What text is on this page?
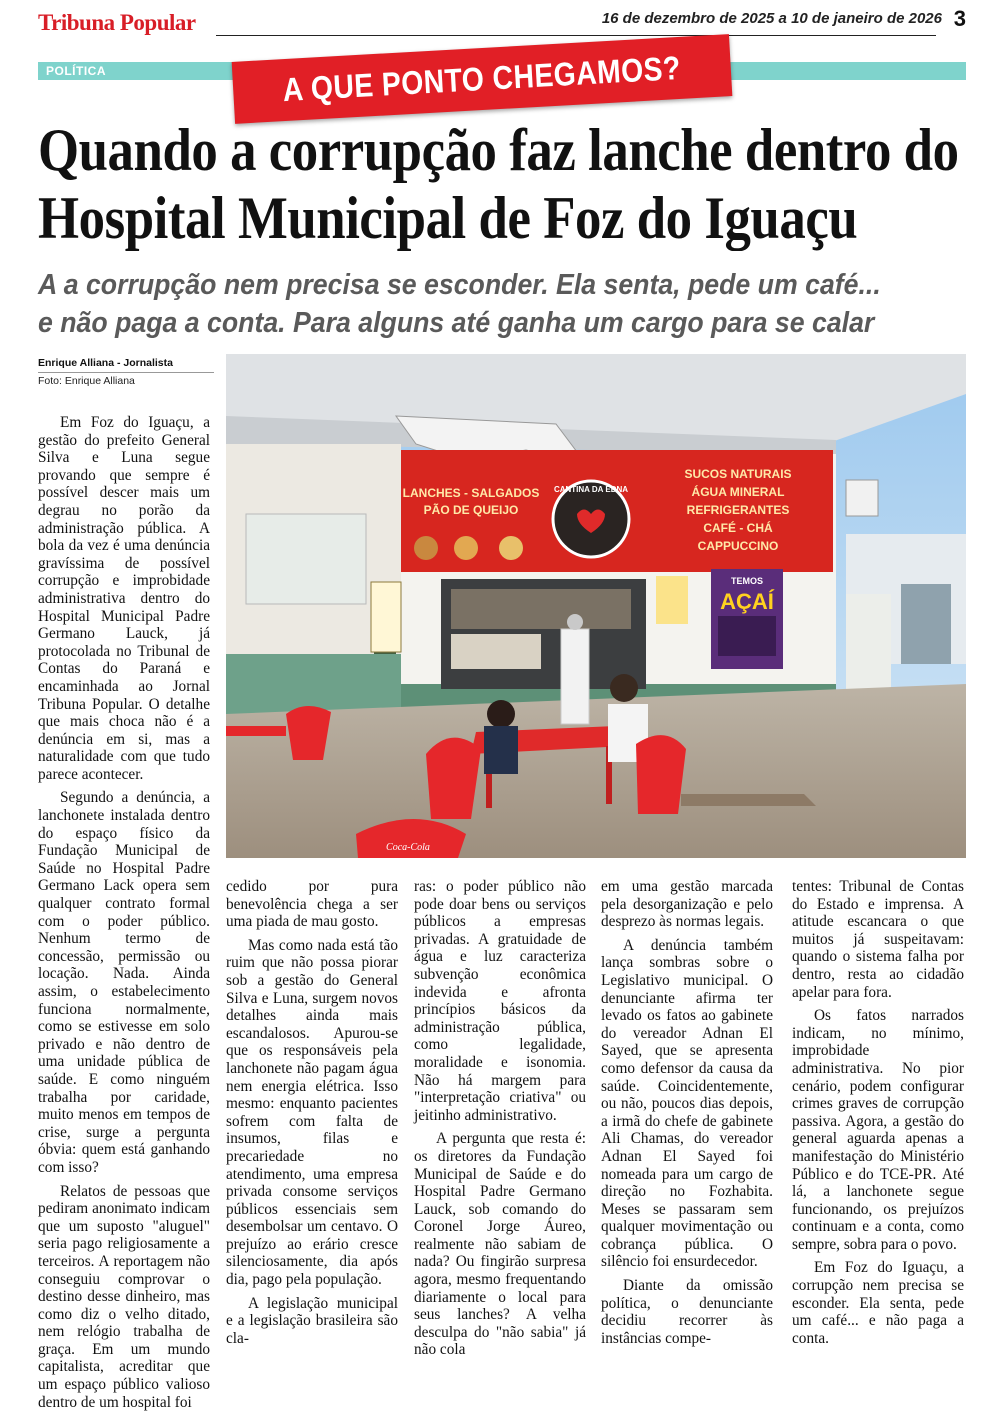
Tribuna Popular	16 de dezembro de 2025 a 10 de janeiro de 2026 3
POLÍTICA	A QUE PONTO CHEGAMOS?
Quando a corrupção faz lanche dentro do
Hospital Municipal de Foz do Iguaçu
A a corrupção nem precisa se esconder. Ela senta, pede um café...
e não paga a conta. Para alguns até ganha um cargo para se calar
Enrique Alliana - Jornalista
Foto: Enrique Alliana
LANCHES - SALGADOS
PÃO DE QUEIJO
CANTINA DA EDNA
SUCOS NATURAIS
ÁGUA MINERAL
REFRIGERANTES
CAFÉ - CHÁ
CAPPUCCINO
TEMOS
AÇAÍ
Coca-Cola

Em Foz do Iguaçu, a gestão do prefeito General Silva e Luna segue provando que sempre é possível descer mais um degrau no porão da administração pública. A bola da vez é uma denúncia gravíssima de possível corrupção e improbidade administrativa dentro do Hospital Municipal Padre Germano Lauck, já protocolada no Tribunal de Contas do Paraná e encaminhada ao Jornal Tribuna Popular. O detalhe que mais choca não é a denúncia em si, mas a naturalidade com que tudo parece acontecer.

Segundo a denúncia, a lanchonete instalada dentro do espaço físico da Fundação Municipal de Saúde no Hospital Padre Germano Lack opera sem qualquer contrato formal com o poder público. Nenhum termo de concessão, permissão ou locação. Nada. Ainda assim, o estabelecimento funciona normalmente, como se estivesse em solo privado e não dentro de uma unidade pública de saúde. E como ninguém trabalha por caridade, muito menos em tempos de crise, surge a pergunta óbvia: quem está ganhando com isso?

Relatos de pessoas que pediram anonimato indicam que um suposto "aluguel" seria pago religiosamente a terceiros. A reportagem não conseguiu comprovar o destino desse dinheiro, mas como diz o velho ditado, nem relógio trabalha de graça. Em um mundo capitalista, acreditar que um espaço público valioso dentro de um hospital foi

cedido por pura benevolência chega a ser uma piada de mau gosto.

Mas como nada está tão ruim que não possa piorar sob a gestão do General Silva e Luna, surgem novos detalhes ainda mais escandalosos. Apurou-se que os responsáveis pela lanchonete não pagam água nem energia elétrica. Isso mesmo: enquanto pacientes sofrem com falta de insumos, filas e precariedade no atendimento, uma empresa privada consome serviços públicos essenciais sem desembolsar um centavo. O prejuízo ao erário cresce silenciosamente, dia após dia, pago pela população.

A legislação municipal e a legislação brasileira são cla-

ras: o poder público não pode doar bens ou serviços públicos a empresas privadas. A gratuidade de água e luz caracteriza subvenção econômica indevida e afronta princípios básicos da administração pública, como legalidade, moralidade e isonomia. Não há margem para "interpretação criativa" ou jeitinho administrativo.

A pergunta que resta é: os diretores da Fundação Municipal de Saúde e do Hospital Padre Germano Lauck, sob comando do Coronel Jorge Áureo, realmente não sabiam de nada? Ou fingirão surpresa agora, mesmo frequentando diariamente o local para seus lanches? A velha desculpa do "não sabia" já não cola

em uma gestão marcada pela desorganização e pelo desprezo às normas legais.

A denúncia também lança sombras sobre o Legislativo municipal. O denunciante afirma ter levado os fatos ao gabinete do vereador Adnan El Sayed, que se apresenta como defensor da causa da saúde. Coincidentemente, ou não, poucos dias depois, a irmã do chefe de gabinete Ali Chamas, do vereador Adnan El Sayed foi nomeada para um cargo de direção no Fozhabita. Meses se passaram sem qualquer movimentação ou cobrança pública. O silêncio foi ensurdecedor.

Diante da omissão política, o denunciante decidiu recorrer às instâncias compe-

tentes: Tribunal de Contas do Estado e imprensa. A atitude escancara o que muitos já suspeitavam: quando o sistema falha por dentro, resta ao cidadão apelar para fora.

Os fatos narrados indicam, no mínimo, improbidade administrativa. No pior cenário, podem configurar crimes graves de corrupção passiva. Agora, a gestão do general aguarda apenas a manifestação do Ministério Público e do TCE-PR. Até lá, a lanchonete segue funcionando, os prejuízos continuam e a conta, como sempre, sobra para o povo.

Em Foz do Iguaçu, a corrupção nem precisa se esconder. Ela senta, pede um café... e não paga a conta.
